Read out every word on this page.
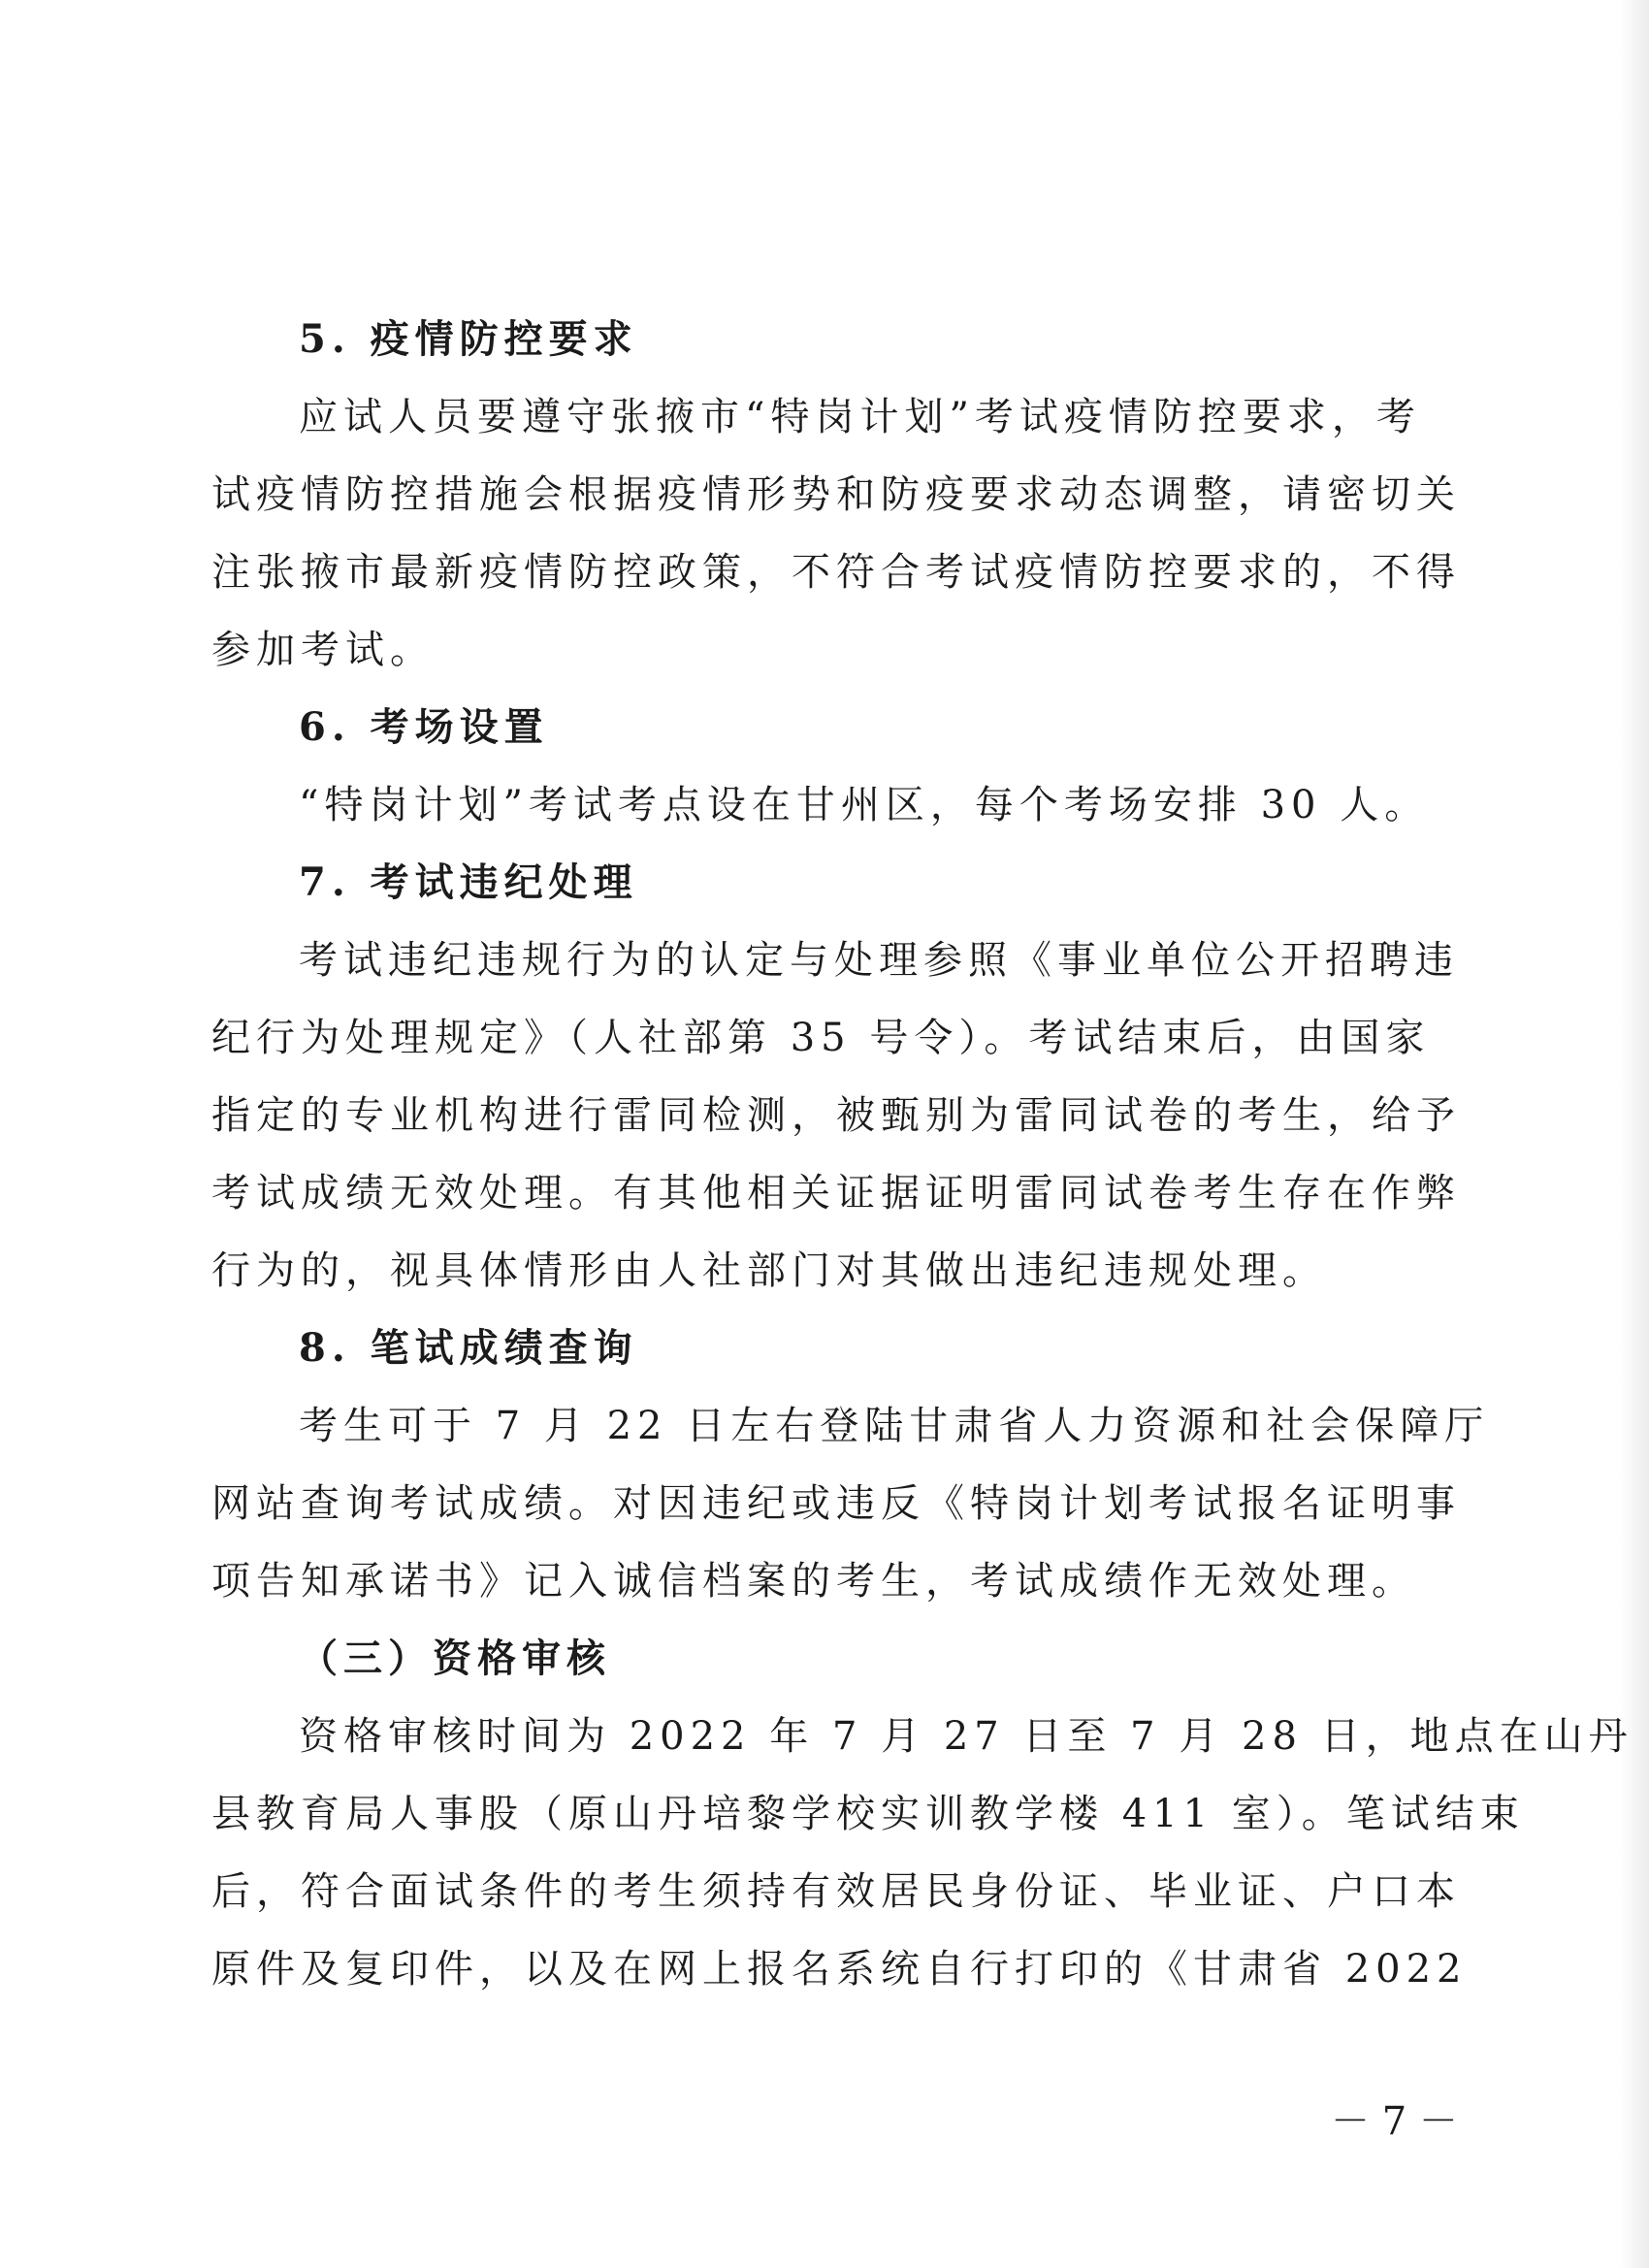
5. 疫情防控要求
应试人员要遵守张掖市“特岗计划”考试疫情防控要求，考
试疫情防控措施会根据疫情形势和防疫要求动态调整，请密切关
注张掖市最新疫情防控政策，不符合考试疫情防控要求的，不得
参加考试。
6. 考场设置
“特岗计划”考试考点设在甘州区，每个考场安排 30 人。
7. 考试违纪处理
考试违纪违规行为的认定与处理参照《事业单位公开招聘违
纪行为处理规定》（人社部第 35 号令）。考试结束后，由国家
指定的专业机构进行雷同检测，被甄别为雷同试卷的考生，给予
考试成绩无效处理。有其他相关证据证明雷同试卷考生存在作弊
行为的，视具体情形由人社部门对其做出违纪违规处理。
8. 笔试成绩查询
考生可于 7 月 22 日左右登陆甘肃省人力资源和社会保障厅
网站查询考试成绩。对因违纪或违反《特岗计划考试报名证明事
项告知承诺书》记入诚信档案的考生，考试成绩作无效处理。
（三）资格审核
资格审核时间为 2022 年 7 月 27 日至 7 月 28 日，地点在山丹
县教育局人事股（原山丹培黎学校实训教学楼 411 室）。笔试结束
后，符合面试条件的考生须持有效居民身份证、毕业证、户口本
原件及复印件，以及在网上报名系统自行打印的《甘肃省 2022
－ 7 －
